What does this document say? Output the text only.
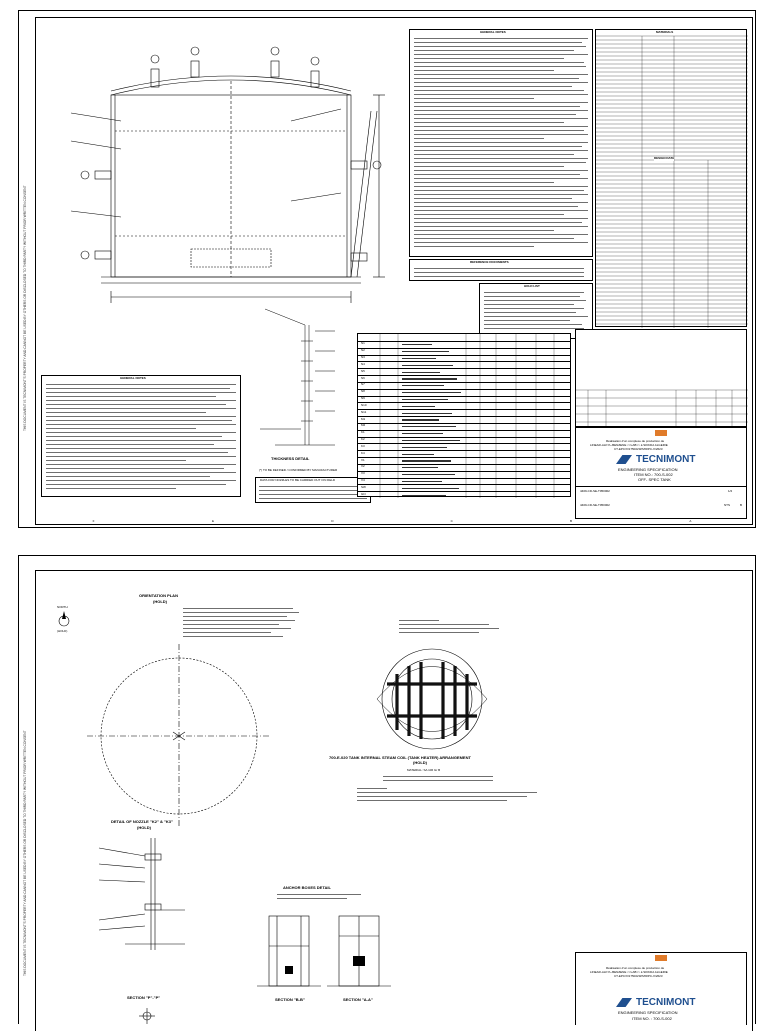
THIS DOCUMENT IS TECNIMONT'S PROPERTY AND CANNOT BE USED BY OTHERS OR DISCLOSED TO THIRD PARTY WITHOUT PRIOR WRITTEN CONSENT
GENERAL NOTES
REFERENCE DOCUMENTS
HOLD LIST
MATERIALS
DESIGN DATA
GENERAL NOTES
THICKNESS DETAIL
(*) TO BE DEFINED / CONFIRMED BY MANUFACTURER
DATA FOR NOZZLES TO BE CARRIED OUT ON FIELD
N1
N2
N3
N4
N5
N6
N7
N8
N9
N10
N11
M1
M2
K1
K2
K3
K4
V1
V2
V3
V4
SW
GN
Réalisation d'un complexe de production de
LINEAR-ALKYL-BENZENE <<LAB>> à SKIKDA ALGERIE
CT-EPC/X/1750/HSPM/RPC-X/2623
TECNIMONT
ENGINEERING SPECIFICATION
ITEM NO.: 700-S-002
OFF- SPEC TANK
4409-CD-SE-T050002
4409-CD-SE-T050002
1/2
NTS	B
F	E	D	C	B	A
THIS DOCUMENT IS TECNIMONT'S PROPERTY AND CANNOT BE USED BY OTHERS OR DISCLOSED TO THIRD PARTY WITHOUT PRIOR WRITTEN CONSENT
ORIENTATION PLAN
(HOLD)
NORTH
(HOLD)
700-E-020 TANK INTERNAL STEAM COIL (TANK HEATER) ARRANGEMENT
(HOLD)
MATERIAL: SA 106 Gr B
DETAIL OF NOZZLE "K2" & "K3"
(HOLD)
SECTION "P"-"P"
ANCHOR BOXES DETAIL
SECTION "B-B"	SECTION "A-A"
Réalisation d'un complexe de production de
LINEAR-ALKYL-BENZENE <<LAB>> à SKIKDA ALGERIE
CT-EPC/X/1750/HSPM/RPC-X/2623
TECNIMONT
ENGINEERING SPECIFICATION
ITEM NO. : 700-S-002
